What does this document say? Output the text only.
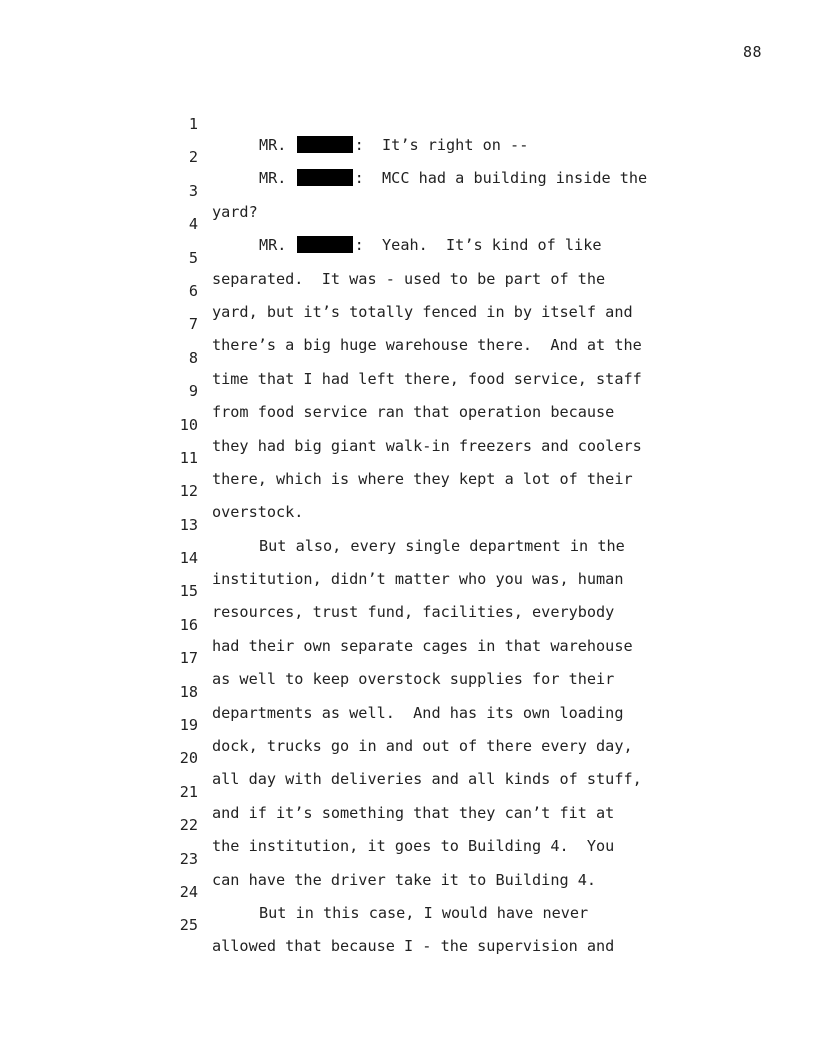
88

1

MR.	:  It’s right on --

2

MR.	:  MCC had a building inside the

3

yard?

4

MR.	:  Yeah.  It’s kind of like

5

separated.  It was - used to be part of the

6

yard, but it’s totally fenced in by itself and

7

there’s a big huge warehouse there.  And at the

8

time that I had left there, food service, staff

9

from food service ran that operation because

10

they had big giant walk-in freezers and coolers

11

there, which is where they kept a lot of their

12

overstock.

13

But also, every single department in the

14

institution, didn’t matter who you was, human

15

resources, trust fund, facilities, everybody

16

had their own separate cages in that warehouse

17

as well to keep overstock supplies for their

18

departments as well.  And has its own loading

19

dock, trucks go in and out of there every day,

20

all day with deliveries and all kinds of stuff,

21

and if it’s something that they can’t fit at

22

the institution, it goes to Building 4.  You

23

can have the driver take it to Building 4.

24

But in this case, I would have never

25

allowed that because I - the supervision and
